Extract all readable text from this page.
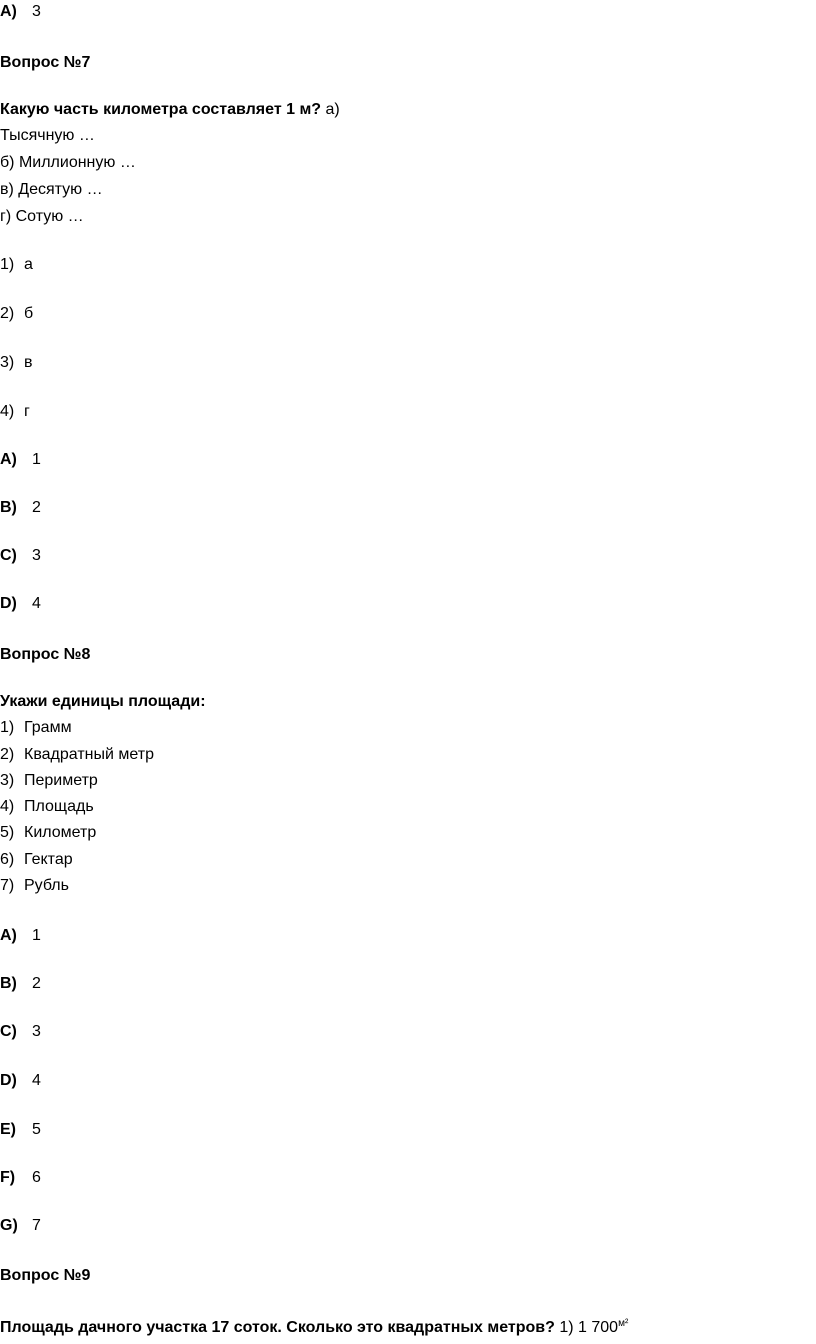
A) 3
Вопрос №7
Какую часть километра составляет 1 м? а)
Тысячную …
б) Миллионную …
в) Десятую …
г) Сотую …
1) а
2) б
3) в
4) г
A) 1
B) 2
C) 3
D) 4
Вопрос №8
Укажи единицы площади:
1) Грамм
2) Квадратный метр
3) Периметр
4) Площадь
5) Километр
6) Гектар
7) Рубль
A) 1
B) 2
C) 3
D) 4
E) 5
F) 6
G) 7
Вопрос №9
Площадь дачного участка 17 соток. Сколько это квадратных метров? 1) 1 $700^{м^2}$
